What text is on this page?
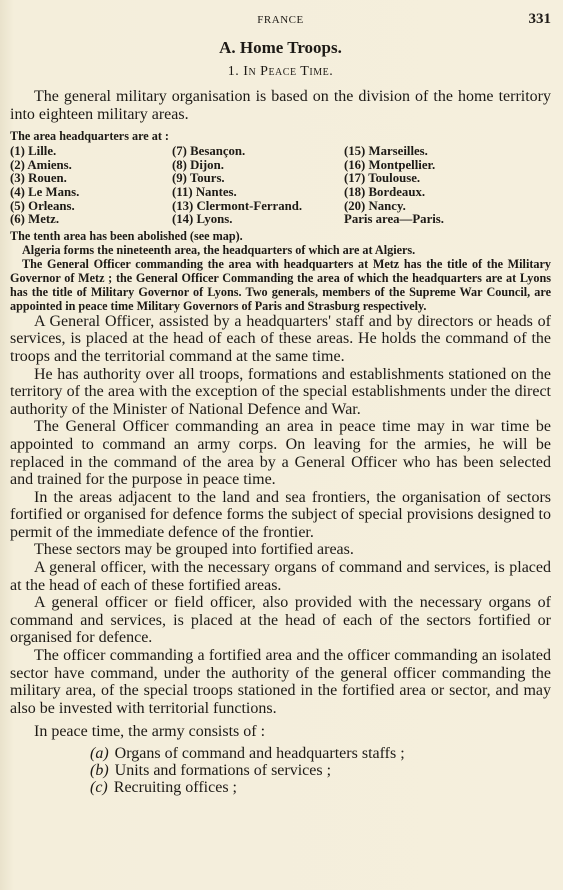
FRANCE	331
A. Home Troops.
1. In Peace Time.

The general military organisation is based on the division of the home territory into eighteen military areas.

The area headquarters are at :

(1) Lille.
(2) Amiens.
(3) Rouen.
(4) Le Mans.
(5) Orleans.
(6) Metz.
(7) Besançon.
(8) Dijon.
(9) Tours.
(11) Nantes.
(13) Clermont-Ferrand.
(14) Lyons.
(15) Marseilles.
(16) Montpellier.
(17) Toulouse.
(18) Bordeaux.
(20) Nancy.
Paris area—Paris.

The tenth area has been abolished (see map).

Algeria forms the nineteenth area, the headquarters of which are at Algiers.

The General Officer commanding the area with headquarters at Metz has the title of the Military Governor of Metz ; the General Officer Commanding the area of which the headquarters are at Lyons has the title of Military Governor of Lyons. Two generals, members of the Supreme War Council, are appointed in peace time Military Governors of Paris and Strasburg respectively.

A General Officer, assisted by a headquarters' staff and by directors or heads of services, is placed at the head of each of these areas. He holds the command of the troops and the territorial command at the same time.

He has authority over all troops, formations and establishments stationed on the territory of the area with the exception of the special establishments under the direct authority of the Minister of National Defence and War.

The General Officer commanding an area in peace time may in war time be appointed to command an army corps. On leaving for the armies, he will be replaced in the command of the area by a General Officer who has been selected and trained for the purpose in peace time.

In the areas adjacent to the land and sea frontiers, the organisation of sectors fortified or organised for defence forms the subject of special provisions designed to permit of the immediate defence of the frontier.

These sectors may be grouped into fortified areas.

A general officer, with the necessary organs of command and services, is placed at the head of each of these fortified areas.

A general officer or field officer, also provided with the necessary organs of command and services, is placed at the head of each of the sectors fortified or organised for defence.

The officer commanding a fortified area and the officer commanding an isolated sector have command, under the authority of the general officer commanding the military area, of the special troops stationed in the fortified area or sector, and may also be invested with territorial functions.

In peace time, the army consists of :

(a) Organs of command and headquarters staffs ;
(b) Units and formations of services ;
(c) Recruiting offices ;
